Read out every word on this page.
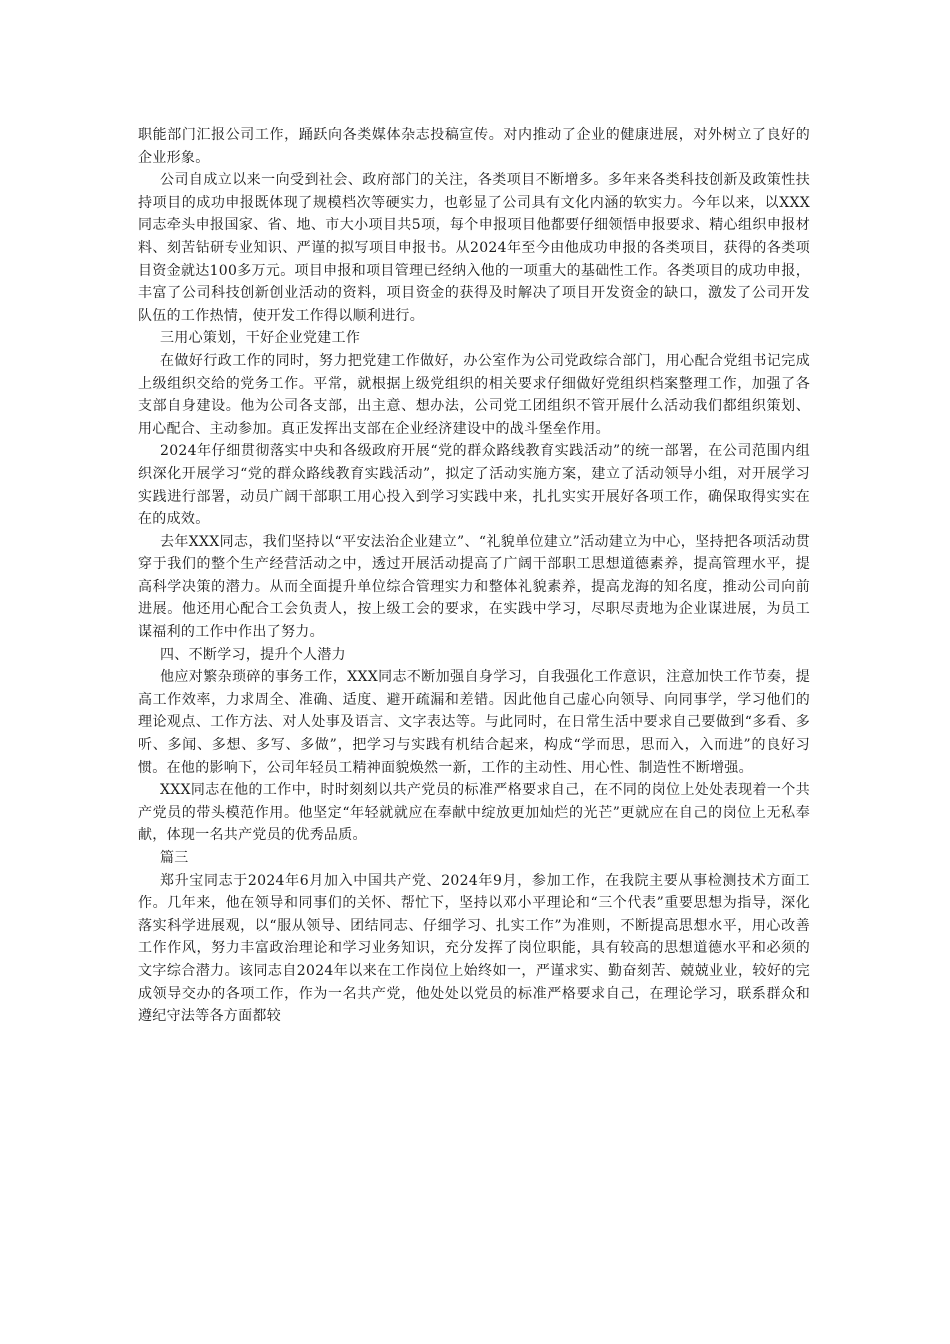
职能部门汇报公司工作，踊跃向各类媒体杂志投稿宣传。对内推动了企业的健康进展，对外树立了良好的企业形象。

公司自成立以来一向受到社会、政府部门的关注，各类项目不断增多。多年来各类科技创新及政策性扶持项目的成功申报既体现了规模档次等硬实力，也彰显了公司具有文化内涵的软实力。今年以来，以XXX同志牵头申报国家、省、地、市大小项目共5项，每个申报项目他都要仔细领悟申报要求、精心组织申报材料、刻苦钻研专业知识、严谨的拟写项目申报书。从2024年至今由他成功申报的各类项目，获得的各类项目资金就达100多万元。项目申报和项目管理已经纳入他的一项重大的基础性工作。各类项目的成功申报，丰富了公司科技创新创业活动的资料，项目资金的获得及时解决了项目开发资金的缺口，激发了公司开发队伍的工作热情，使开发工作得以顺利进行。

三用心策划，干好企业党建工作

在做好行政工作的同时，努力把党建工作做好，办公室作为公司党政综合部门，用心配合党组书记完成上级组织交给的党务工作。平常，就根据上级党组织的相关要求仔细做好党组织档案整理工作，加强了各支部自身建设。他为公司各支部，出主意、想办法，公司党工团组织不管开展什么活动我们都组织策划、用心配合、主动参加。真正发挥出支部在企业经济建设中的战斗堡垒作用。

2024年仔细贯彻落实中央和各级政府开展“党的群众路线教育实践活动”的统一部署，在公司范围内组织深化开展学习“党的群众路线教育实践活动”，拟定了活动实施方案，建立了活动领导小组，对开展学习实践进行部署，动员广阔干部职工用心投入到学习实践中来，扎扎实实开展好各项工作，确保取得实实在在的成效。

去年XXX同志，我们坚持以“平安法治企业建立”、“礼貌单位建立”活动建立为中心，坚持把各项活动贯穿于我们的整个生产经营活动之中，透过开展活动提高了广阔干部职工思想道德素养，提高管理水平，提高科学决策的潜力。从而全面提升单位综合管理实力和整体礼貌素养，提高龙海的知名度，推动公司向前进展。他还用心配合工会负责人，按上级工会的要求，在实践中学习，尽职尽责地为企业谋进展，为员工谋福利的工作中作出了努力。

四、不断学习，提升个人潜力

他应对繁杂琐碎的事务工作，XXX同志不断加强自身学习，自我强化工作意识，注意加快工作节奏，提高工作效率，力求周全、准确、适度、避开疏漏和差错。因此他自己虚心向领导、向同事学，学习他们的理论观点、工作方法、对人处事及语言、文字表达等。与此同时，在日常生活中要求自己要做到“多看、多听、多闻、多想、多写、多做”，把学习与实践有机结合起来，构成“学而思，思而入，入而进”的良好习惯。在他的影响下，公司年轻员工精神面貌焕然一新，工作的主动性、用心性、制造性不断增强。

XXX同志在他的工作中，时时刻刻以共产党员的标准严格要求自己，在不同的岗位上处处表现着一个共产党员的带头模范作用。他坚定“年轻就就应在奉献中绽放更加灿烂的光芒”更就应在自己的岗位上无私奉献，体现一名共产党员的优秀品质。

篇三

郑升宝同志于2024年6月加入中国共产党、2024年9月，参加工作，在我院主要从事检测技术方面工作。几年来，他在领导和同事们的关怀、帮忙下，坚持以邓小平理论和“三个代表”重要思想为指导，深化落实科学进展观，以“服从领导、团结同志、仔细学习、扎实工作”为准则，不断提高思想水平，用心改善工作作风，努力丰富政治理论和学习业务知识，充分发挥了岗位职能，具有较高的思想道德水平和必须的文字综合潜力。该同志自2024年以来在工作岗位上始终如一，严谨求实、勤奋刻苦、兢兢业业，较好的完成领导交办的各项工作，作为一名共产党，他处处以党员的标准严格要求自己，在理论学习，联系群众和遵纪守法等各方面都较
